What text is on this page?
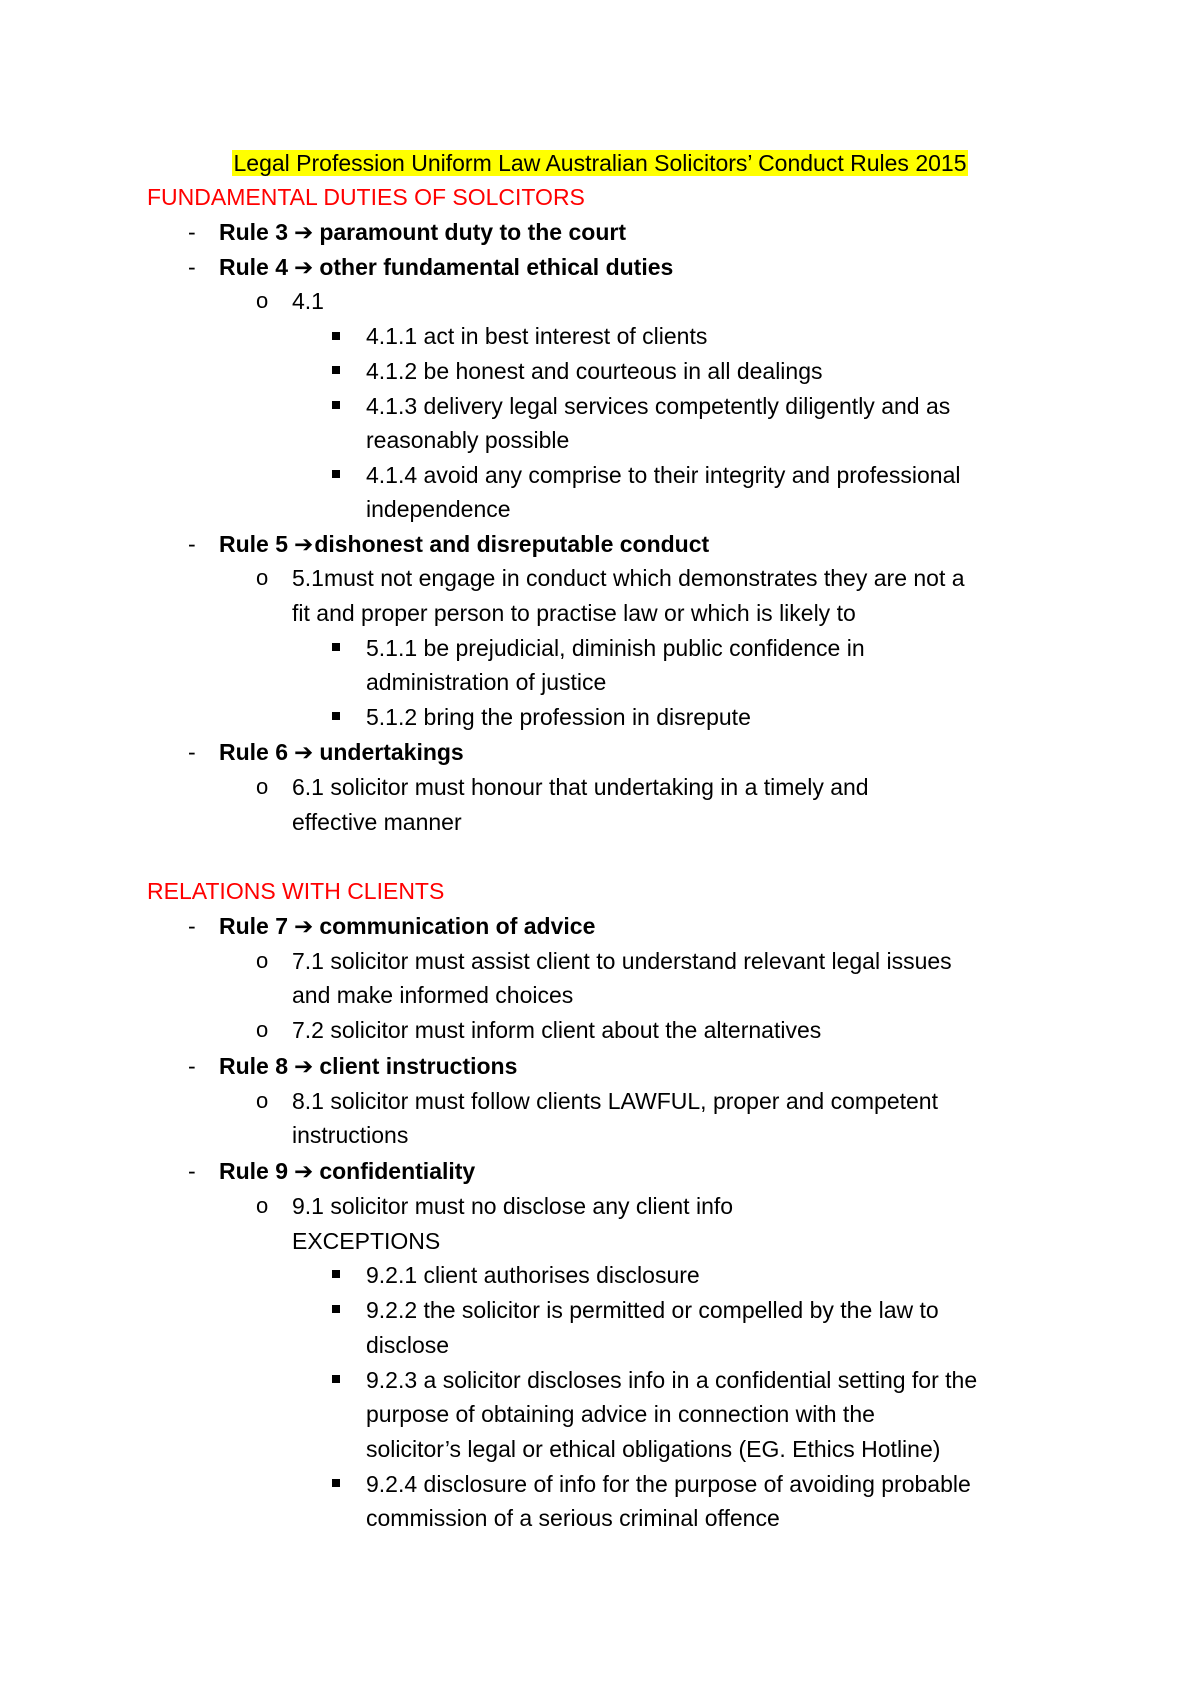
Legal Profession Uniform Law Australian Solicitors’ Conduct Rules 2015
FUNDAMENTAL DUTIES OF SOLCITORS
- Rule 3 ➔ paramount duty to the court
- Rule 4 ➔ other fundamental ethical duties
o 4.1
4.1.1 act in best interest of clients
4.1.2 be honest and courteous in all dealings
4.1.3 delivery legal services competently diligently and as
reasonably possible
4.1.4 avoid any comprise to their integrity and professional
independence
- Rule 5 ➔dishonest and disreputable conduct
o 5.1must not engage in conduct which demonstrates they are not a
fit and proper person to practise law or which is likely to
5.1.1 be prejudicial, diminish public confidence in
administration of justice
5.1.2 bring the profession in disrepute
- Rule 6 ➔ undertakings
o 6.1 solicitor must honour that undertaking in a timely and
effective manner
RELATIONS WITH CLIENTS
- Rule 7 ➔ communication of advice
o 7.1 solicitor must assist client to understand relevant legal issues
and make informed choices
o 7.2 solicitor must inform client about the alternatives
- Rule 8 ➔ client instructions
o 8.1 solicitor must follow clients LAWFUL, proper and competent
instructions
- Rule 9 ➔ confidentiality
o 9.1 solicitor must no disclose any client info
EXCEPTIONS
9.2.1 client authorises disclosure
9.2.2 the solicitor is permitted or compelled by the law to
disclose
9.2.3 a solicitor discloses info in a confidential setting for the
purpose of obtaining advice in connection with the
solicitor’s legal or ethical obligations (EG. Ethics Hotline)
9.2.4 disclosure of info for the purpose of avoiding probable
commission of a serious criminal offence
